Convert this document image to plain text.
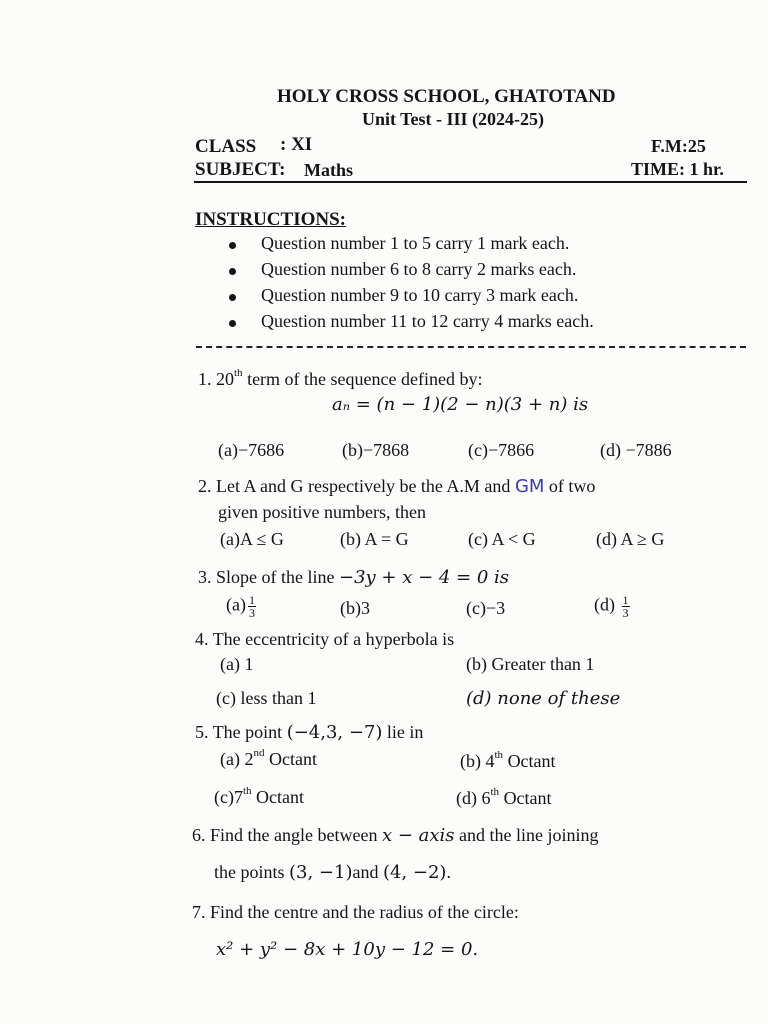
HOLY CROSS SCHOOL, GHATOTAND
Unit Test - III (2024-25)
CLASS : XI	F.M:25
SUBJECT: Maths	TIME: 1 hr.
INSTRUCTIONS:
Question number 1 to 5 carry 1 mark each.
Question number 6 to 8 carry 2 marks each.
Question number 9 to 10 carry 3 mark each.
Question number 11 to 12 carry 4 marks each.
1. 20th term of the sequence defined by:
aₙ = (n − 1)(2 − n)(3 + n) is
(a)−7686	(b)−7868	(c)−7866	(d) −7886
2. Let A and G respectively be the A.M and GM of two
given positive numbers, then
(a)A ≤ G	(b) A = G	(c) A < G	(d) A ≥ G
3. Slope of the line −3y + x − 4 = 0 is
$(a) \frac{1}{3}$	(b)3	(c)−3	$(d) \frac{1}{3}$
4. The eccentricity of a hyperbola is
(a) 1	(b) Greater than 1
(c) less than 1	(d) none of these
5. The point (−4,3, −7) lie in
(a) 2nd Octant	(b) 4th Octant
(c)7th Octant	(d) 6th Octant
6. Find the angle between x − axis and the line joining
the points (3, −1)and (4, −2).
7. Find the centre and the radius of the circle:
x² + y² − 8x + 10y − 12 = 0.
